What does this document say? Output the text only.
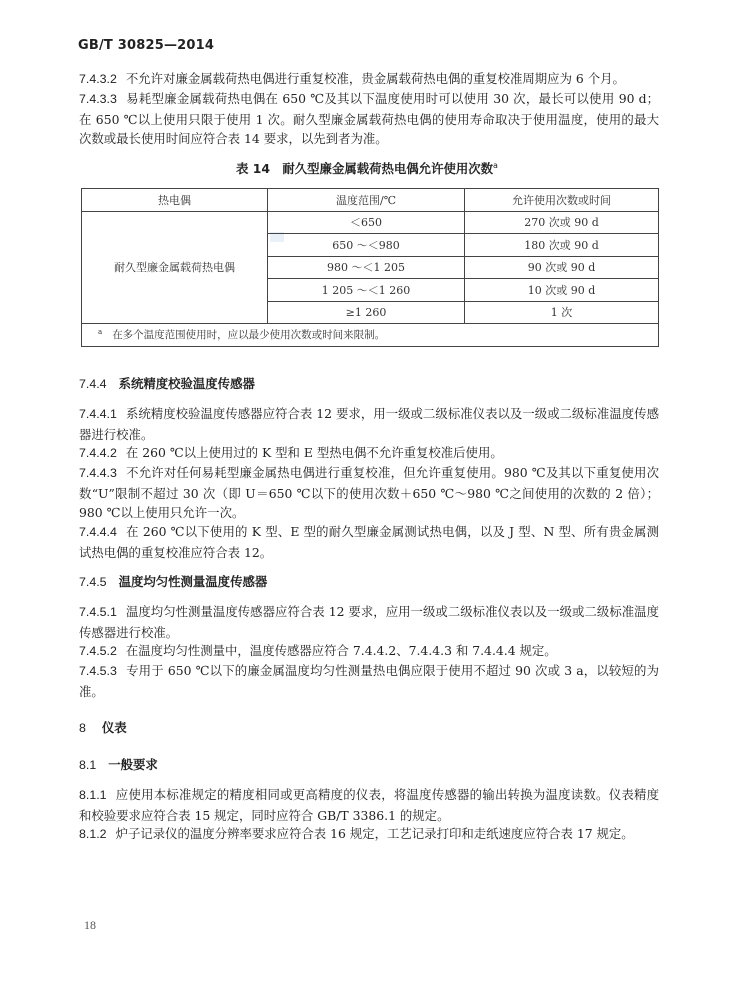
GB/T 30825—2014
7.4.3.2 不允许对廉金属载荷热电偶进行重复校准，贵金属载荷热电偶的重复校准周期应为 6 个月。
7.4.3.3 易耗型廉金属载荷热电偶在 650 ℃及其以下温度使用时可以使用 30 次，最长可以使用 90 d；在 650 ℃以上使用只限于使用 1 次。耐久型廉金属载荷热电偶的使用寿命取决于使用温度，使用的最大次数或最长使用时间应符合表 14 要求，以先到者为准。
表 14　耐久型廉金属载荷热电偶允许使用次数$^a$
热电偶	温度范围/℃	允许使用次数或时间
耐久型廉金属载荷热电偶	＜650	270 次或 90 d
	650 ～＜980	180 次或 90 d
	980 ～＜1 205	90 次或 90 d
	1 205 ～＜1 260	10 次或 90 d
	≥1 260	1 次
$^a$ 在多个温度范围使用时，应以最少使用次数或时间来限制。		
7.4.4 系统精度校验温度传感器
7.4.4.1 系统精度校验温度传感器应符合表 12 要求，用一级或二级标准仪表以及一级或二级标准温度传感器进行校准。
7.4.4.2 在 260 ℃以上使用过的 K 型和 E 型热电偶不允许重复校准后使用。
7.4.4.3 不允许对任何易耗型廉金属热电偶进行重复校准，但允许重复使用。980 ℃及其以下重复使用次数“U”限制不超过 30 次（即 U＝650 ℃以下的使用次数＋650 ℃～980 ℃之间使用的次数的 2 倍）；980 ℃以上使用只允许一次。
7.4.4.4 在 260 ℃以下使用的 K 型、E 型的耐久型廉金属测试热电偶，以及 J 型、N 型、所有贵金属测试热电偶的重复校准应符合表 12。
7.4.5 温度均匀性测量温度传感器
7.4.5.1 温度均匀性测量温度传感器应符合表 12 要求，应用一级或二级标准仪表以及一级或二级标准温度传感器进行校准。
7.4.5.2 在温度均匀性测量中，温度传感器应符合 7.4.4.2、7.4.4.3 和 7.4.4.4 规定。
7.4.5.3 专用于 650 ℃以下的廉金属温度均匀性测量热电偶应限于使用不超过 90 次或 3 a，以较短的为准。
8 仪表
8.1 一般要求
8.1.1 应使用本标准规定的精度相同或更高精度的仪表，将温度传感器的输出转换为温度读数。仪表精度和校验要求应符合表 15 规定，同时应符合 GB/T 3386.1 的规定。
8.1.2 炉子记录仪的温度分辨率要求应符合表 16 规定，工艺记录打印和走纸速度应符合表 17 规定。
18
